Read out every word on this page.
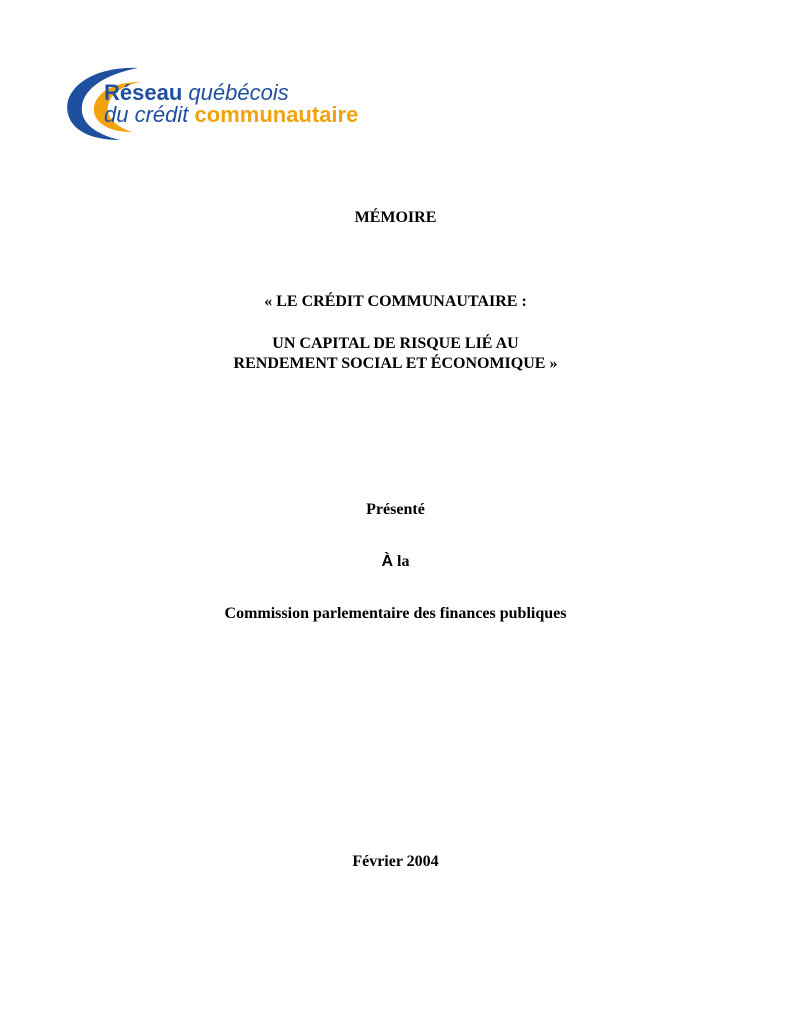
Réseau québécois
du crédit communautaire
MÉMOIRE
« LE CRÉDIT COMMUNAUTAIRE :
UN CAPITAL DE RISQUE LIÉ AU
RENDEMENT SOCIAL ET ÉCONOMIQUE »
Présenté
À la
Commission parlementaire des finances publiques
Février 2004
